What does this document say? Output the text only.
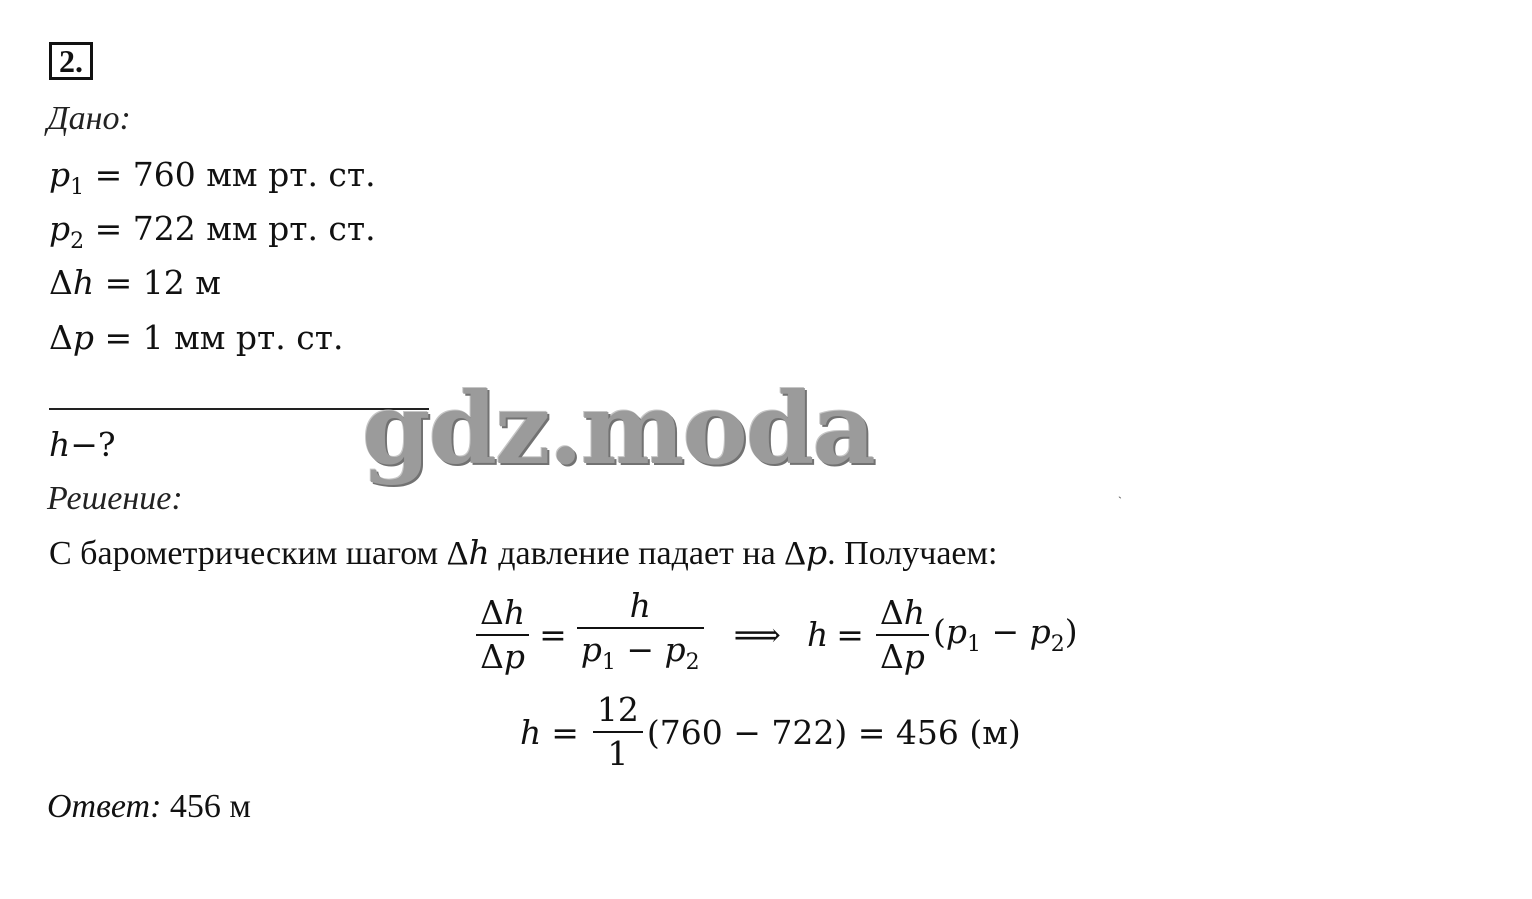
2.
Дано:
$p_1 = 760$ мм рт. ст.
$p_2 = 722$ мм рт. ст.
Δh = 12 м
Δp = 1 мм рт. ст.
h−?	gdz.moda
ˏ
Решение:
С барометрическим шагом Δh давление падает на Δp. Получаем:
$\frac{\Delta h}{\Delta p} = \frac{h}{p_1 - p_2}$ ⟹ $h = \frac{\Delta h}{\Delta p} (p_1 - p_2)$
$h = \frac{12}{1} (760 - 722) = 456$ (м)
Ответ: 456 м
